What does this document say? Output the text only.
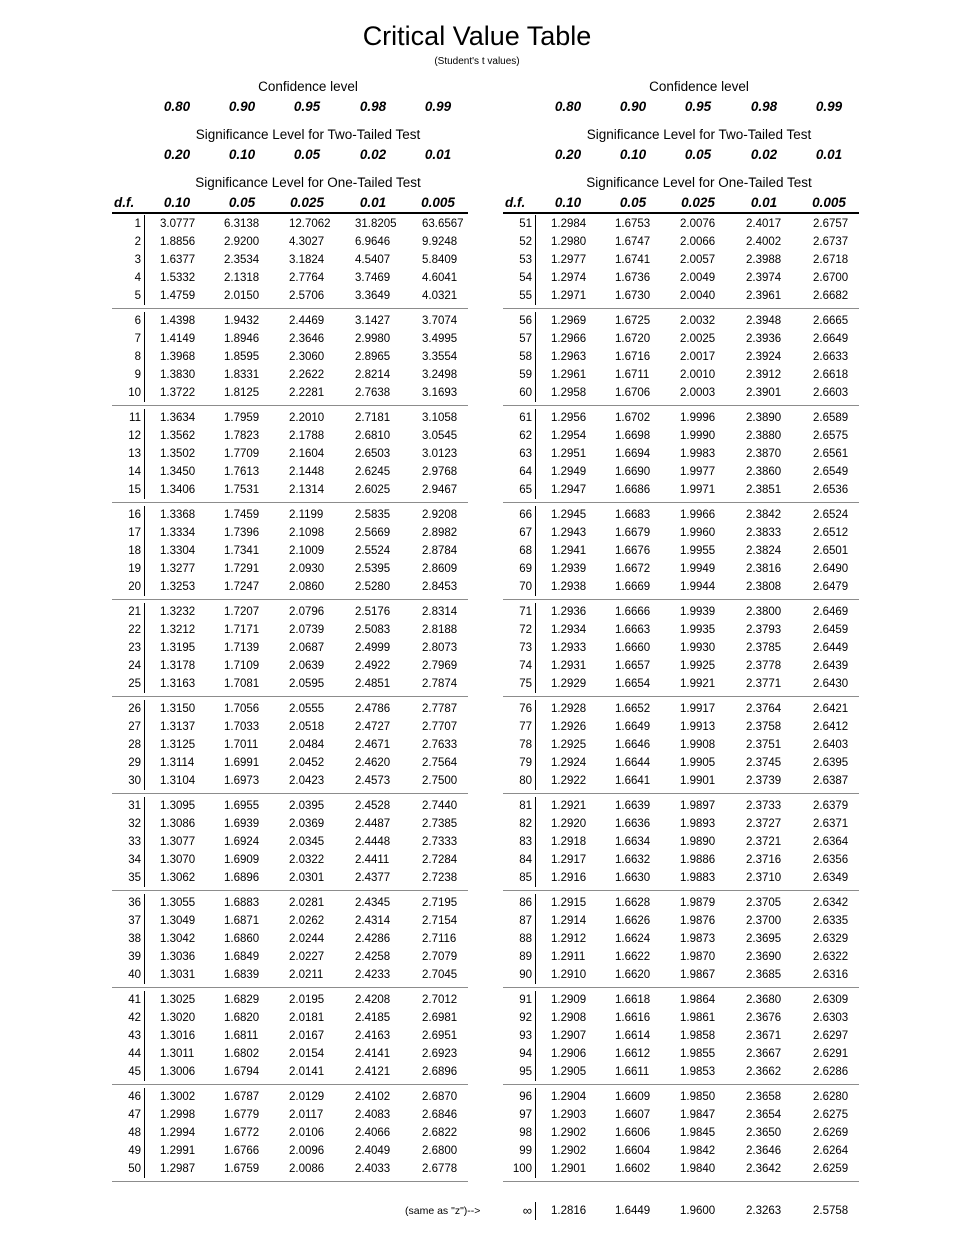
Critical Value Table
(Student's t values)
Confidence level
0.80	0.90	0.95	0.98	0.99
Significance Level for Two-Tailed Test
0.20	0.10	0.05	0.02	0.01
Significance Level for One-Tailed Test
d.f.	0.10	0.05	0.025	0.01	0.005
1 3.0777	6.3138	12.7062 31.8205 63.6567
2 1.8856	2.9200	4.3027	6.9646	9.9248
3 1.6377	2.3534	3.1824	4.5407	5.8409
4 1.5332	2.1318	2.7764	3.7469	4.6041
5 1.4759	2.0150	2.5706	3.3649	4.0321
6 1.4398	1.9432	2.4469	3.1427	3.7074
7 1.4149	1.8946	2.3646	2.9980	3.4995
8 1.3968	1.8595	2.3060	2.8965	3.3554
9 1.3830	1.8331	2.2622	2.8214	3.2498
10 1.3722	1.8125	2.2281	2.7638	3.1693
11 1.3634	1.7959	2.2010	2.7181	3.1058
12 1.3562	1.7823	2.1788	2.6810	3.0545
13 1.3502	1.7709	2.1604	2.6503	3.0123
14 1.3450	1.7613	2.1448	2.6245	2.9768
15 1.3406	1.7531	2.1314	2.6025	2.9467
16 1.3368	1.7459	2.1199	2.5835	2.9208
17 1.3334	1.7396	2.1098	2.5669	2.8982
18 1.3304	1.7341	2.1009	2.5524	2.8784
19 1.3277	1.7291	2.0930	2.5395	2.8609
20 1.3253	1.7247	2.0860	2.5280	2.8453
21 1.3232	1.7207	2.0796	2.5176	2.8314
22 1.3212	1.7171	2.0739	2.5083	2.8188
23 1.3195	1.7139	2.0687	2.4999	2.8073
24 1.3178	1.7109	2.0639	2.4922	2.7969
25 1.3163	1.7081	2.0595	2.4851	2.7874
26 1.3150	1.7056	2.0555	2.4786	2.7787
27 1.3137	1.7033	2.0518	2.4727	2.7707
28 1.3125	1.7011	2.0484	2.4671	2.7633
29 1.3114	1.6991	2.0452	2.4620	2.7564
30 1.3104	1.6973	2.0423	2.4573	2.7500
31 1.3095	1.6955	2.0395	2.4528	2.7440
32 1.3086	1.6939	2.0369	2.4487	2.7385
33 1.3077	1.6924	2.0345	2.4448	2.7333
34 1.3070	1.6909	2.0322	2.4411	2.7284
35 1.3062	1.6896	2.0301	2.4377	2.7238
36 1.3055	1.6883	2.0281	2.4345	2.7195
37 1.3049	1.6871	2.0262	2.4314	2.7154
38 1.3042	1.6860	2.0244	2.4286	2.7116
39 1.3036	1.6849	2.0227	2.4258	2.7079
40 1.3031	1.6839	2.0211	2.4233	2.7045
41 1.3025	1.6829	2.0195	2.4208	2.7012
42 1.3020	1.6820	2.0181	2.4185	2.6981
43 1.3016	1.6811	2.0167	2.4163	2.6951
44 1.3011	1.6802	2.0154	2.4141	2.6923
45 1.3006	1.6794	2.0141	2.4121	2.6896
46 1.3002	1.6787	2.0129	2.4102	2.6870
47 1.2998	1.6779	2.0117	2.4083	2.6846
48 1.2994	1.6772	2.0106	2.4066	2.6822
49 1.2991	1.6766	2.0096	2.4049	2.6800
50 1.2987	1.6759	2.0086	2.4033	2.6778
Confidence level
0.80	0.90	0.95	0.98	0.99
Significance Level for Two-Tailed Test
0.20	0.10	0.05	0.02	0.01
Significance Level for One-Tailed Test
d.f.	0.10	0.05	0.025	0.01	0.005
51 1.2984	1.6753	2.0076	2.4017	2.6757
52 1.2980	1.6747	2.0066	2.4002	2.6737
53 1.2977	1.6741	2.0057	2.3988	2.6718
54 1.2974	1.6736	2.0049	2.3974	2.6700
55 1.2971	1.6730	2.0040	2.3961	2.6682
56 1.2969	1.6725	2.0032	2.3948	2.6665
57 1.2966	1.6720	2.0025	2.3936	2.6649
58 1.2963	1.6716	2.0017	2.3924	2.6633
59 1.2961	1.6711	2.0010	2.3912	2.6618
60 1.2958	1.6706	2.0003	2.3901	2.6603
61 1.2956	1.6702	1.9996	2.3890	2.6589
62 1.2954	1.6698	1.9990	2.3880	2.6575
63 1.2951	1.6694	1.9983	2.3870	2.6561
64 1.2949	1.6690	1.9977	2.3860	2.6549
65 1.2947	1.6686	1.9971	2.3851	2.6536
66 1.2945	1.6683	1.9966	2.3842	2.6524
67 1.2943	1.6679	1.9960	2.3833	2.6512
68 1.2941	1.6676	1.9955	2.3824	2.6501
69 1.2939	1.6672	1.9949	2.3816	2.6490
70 1.2938	1.6669	1.9944	2.3808	2.6479
71 1.2936	1.6666	1.9939	2.3800	2.6469
72 1.2934	1.6663	1.9935	2.3793	2.6459
73 1.2933	1.6660	1.9930	2.3785	2.6449
74 1.2931	1.6657	1.9925	2.3778	2.6439
75 1.2929	1.6654	1.9921	2.3771	2.6430
76 1.2928	1.6652	1.9917	2.3764	2.6421
77 1.2926	1.6649	1.9913	2.3758	2.6412
78 1.2925	1.6646	1.9908	2.3751	2.6403
79 1.2924	1.6644	1.9905	2.3745	2.6395
80 1.2922	1.6641	1.9901	2.3739	2.6387
81 1.2921	1.6639	1.9897	2.3733	2.6379
82 1.2920	1.6636	1.9893	2.3727	2.6371
83 1.2918	1.6634	1.9890	2.3721	2.6364
84 1.2917	1.6632	1.9886	2.3716	2.6356
85 1.2916	1.6630	1.9883	2.3710	2.6349
86 1.2915	1.6628	1.9879	2.3705	2.6342
87 1.2914	1.6626	1.9876	2.3700	2.6335
88 1.2912	1.6624	1.9873	2.3695	2.6329
89 1.2911	1.6622	1.9870	2.3690	2.6322
90 1.2910	1.6620	1.9867	2.3685	2.6316
91 1.2909	1.6618	1.9864	2.3680	2.6309
92 1.2908	1.6616	1.9861	2.3676	2.6303
93 1.2907	1.6614	1.9858	2.3671	2.6297
94 1.2906	1.6612	1.9855	2.3667	2.6291
95 1.2905	1.6611	1.9853	2.3662	2.6286
96 1.2904	1.6609	1.9850	2.3658	2.6280
97 1.2903	1.6607	1.9847	2.3654	2.6275
98 1.2902	1.6606	1.9845	2.3650	2.6269
99 1.2902	1.6604	1.9842	2.3646	2.6264
100 1.2901	1.6602	1.9840	2.3642	2.6259
∞ 1.2816	1.6449	1.9600	2.3263	2.5758
(same as "z")-->
